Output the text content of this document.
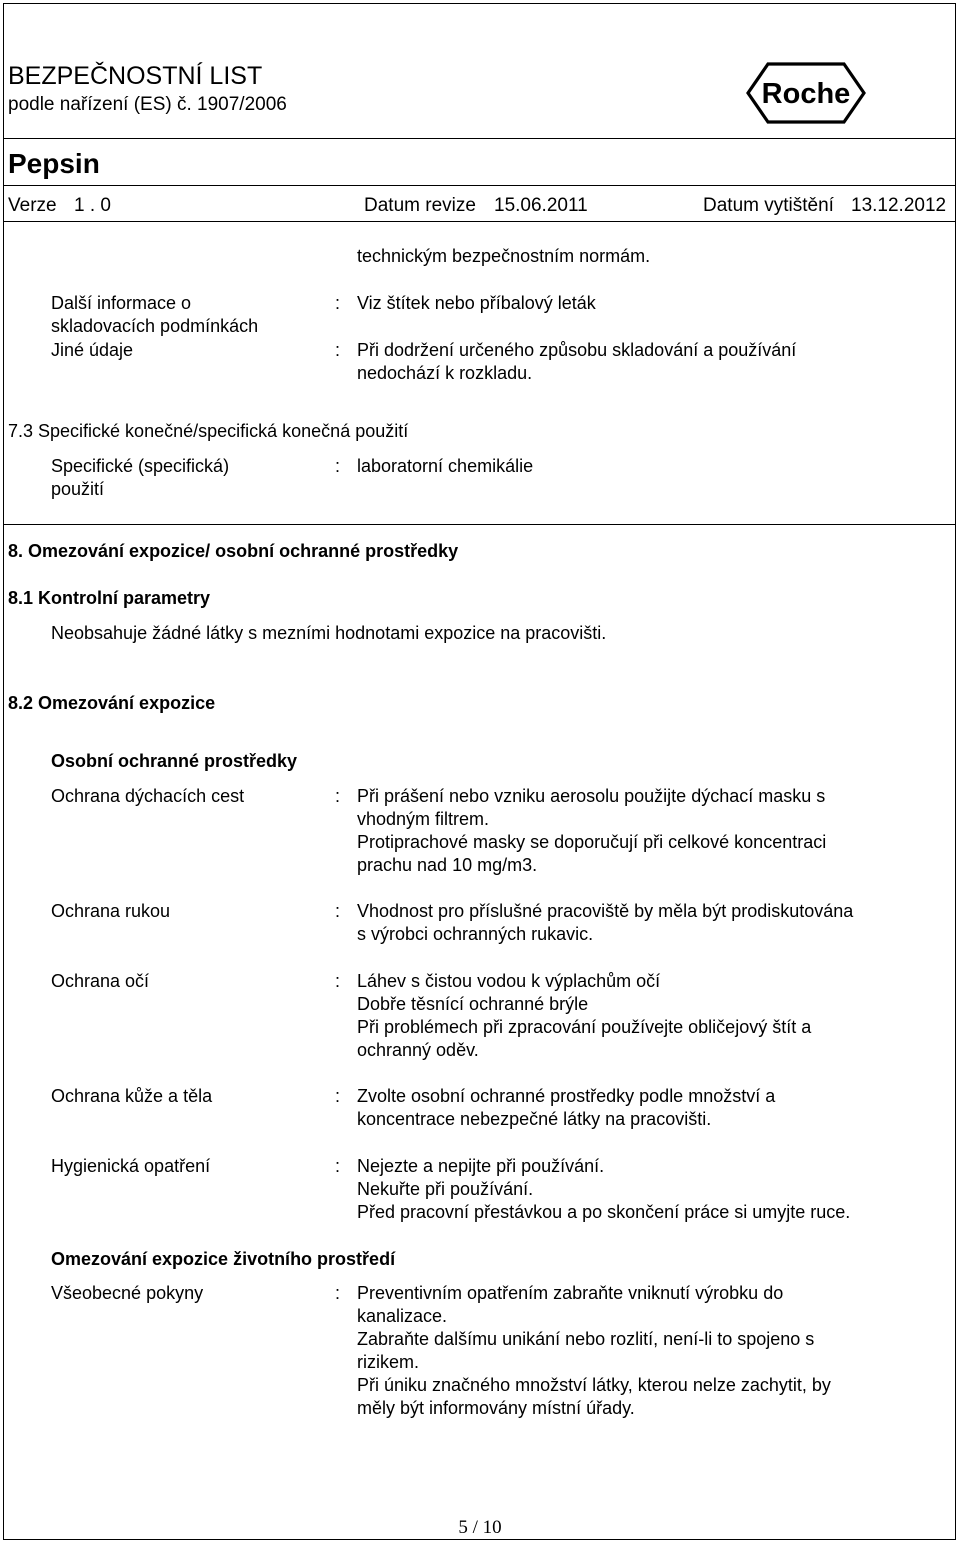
BEZPEČNOSTNÍ LIST
podle nařízení (ES) č. 1907/2006	Roche
Pepsin
Verze 1 . 0	Datum revize 15.06.2011	Datum vytištění 13.12.2012
technickým bezpečnostním normám.
Další informace o
skladovacích podmínkách
: Viz štítek nebo příbalový leták
Jiné údaje	: Při dodržení určeného způsobu skladování a používání
nedochází k rozkladu.
7.3 Specifické konečné/specifická konečná použití
Specifické (specifická)
použití
: laboratorní chemikálie
8. Omezování expozice/ osobní ochranné prostředky
8.1 Kontrolní parametry
Neobsahuje žádné látky s mezními hodnotami expozice na pracovišti.
8.2 Omezování expozice
Osobní ochranné prostředky
Ochrana dýchacích cest	: Při prášení nebo vzniku aerosolu použijte dýchací masku s
vhodným filtrem.
Protiprachové masky se doporučují při celkové koncentraci
prachu nad 10 mg/m3.
Ochrana rukou	: Vhodnost pro příslušné pracoviště by měla být prodiskutována
s výrobci ochranných rukavic.
Ochrana očí	: Láhev s čistou vodou k výplachům očí
Dobře těsnící ochranné brýle
Při problémech při zpracování používejte obličejový štít a
ochranný oděv.
Ochrana kůže a těla	: Zvolte osobní ochranné prostředky podle množství a
koncentrace nebezpečné látky na pracovišti.
Hygienická opatření	: Nejezte a nepijte při používání.
Nekuřte při používání.
Před pracovní přestávkou a po skončení práce si umyjte ruce.
Omezování expozice životního prostředí
Všeobecné pokyny	: Preventivním opatřením zabraňte vniknutí výrobku do
kanalizace.
Zabraňte dalšímu unikání nebo rozlití, není-li to spojeno s
rizikem.
Při úniku značného množství látky, kterou nelze zachytit, by
měly být informovány místní úřady.
5 / 10
